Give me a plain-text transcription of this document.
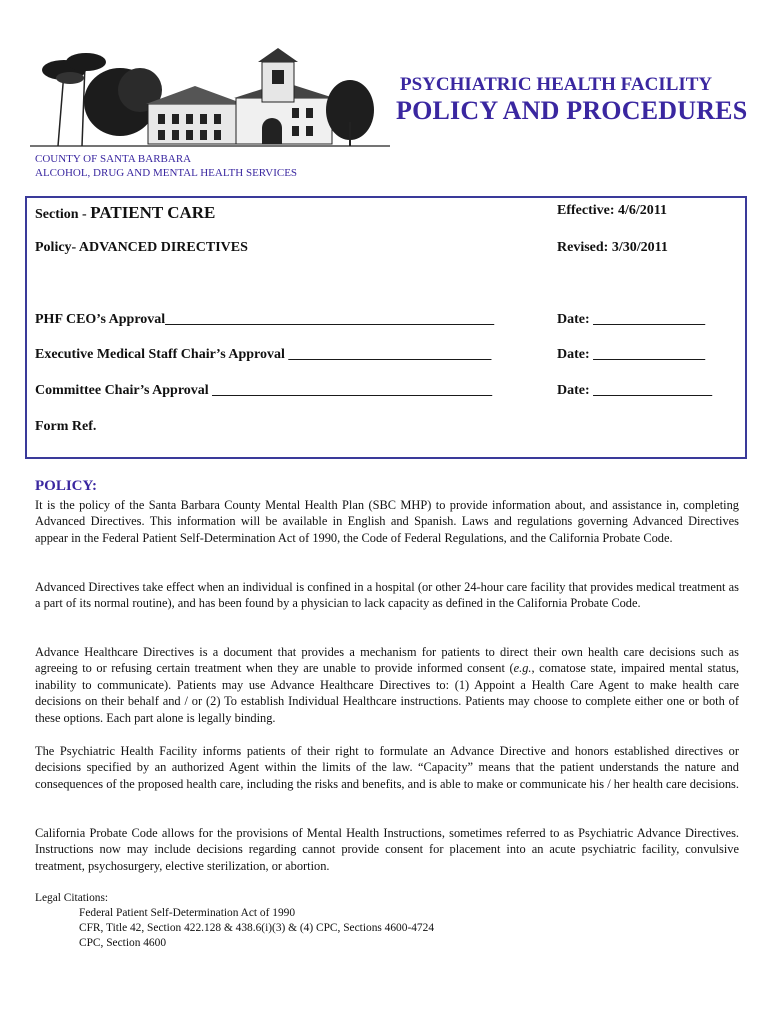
PSYCHIATRIC HEALTH FACILITY
POLICY AND PROCEDURES
COUNTY OF SANTA BARBARA
ALCOHOL, DRUG AND MENTAL HEALTH SERVICES
Section - PATIENT CARE	Effective: 4/6/2011
Policy- ADVANCED DIRECTIVES	Revised: 3/30/2011
PHF CEO’s Approval_______________________________________________	Date: ________________
Executive Medical Staff Chair’s Approval _____________________________	Date: ________________
Committee Chair’s Approval ________________________________________	Date: _________________
Form Ref.
POLICY:

It is the policy of the Santa Barbara County Mental Health Plan (SBC MHP) to provide information about, and assistance in, completing Advanced Directives. This information will be available in English and Spanish. Laws and regulations governing Advanced Directives appear in the Federal Patient Self-Determination Act of 1990, the Code of Federal Regulations, and the California Probate Code.

Advanced Directives take effect when an individual is confined in a hospital (or other 24-hour care facility that provides medical treatment as a part of its normal routine), and has been found by a physician to lack capacity as defined in the California Probate Code.

Advance Healthcare Directives is a document that provides a mechanism for patients to direct their own health care decisions such as agreeing to or refusing certain treatment when they are unable to provide informed consent (e.g., comatose state, impaired mental status, inability to communicate). Patients may use Advance Healthcare Directives to: (1) Appoint a Health Care Agent to make health care decisions on their behalf and / or (2) To establish Individual Healthcare instructions. Patients may choose to complete either one or both of these options. Each part alone is legally binding.

The Psychiatric Health Facility informs patients of their right to formulate an Advance Directive and honors established directives or decisions specified by an authorized Agent within the limits of the law. “Capacity” means that the patient understands the nature and consequences of the proposed health care, including the risks and benefits, and is able to make or communicate his / her health care decisions.

California Probate Code allows for the provisions of Mental Health Instructions, sometimes referred to as Psychiatric Advance Directives. Instructions now may include decisions regarding cannot provide consent for placement into an acute psychiatric facility, convulsive treatment, psychosurgery, elective sterilization, or abortion.

Legal Citations:
Federal Patient Self-Determination Act of 1990
CFR, Title 42, Section 422.128 & 438.6(i)(3) & (4) CPC, Sections 4600-4724
CPC, Section 4600
